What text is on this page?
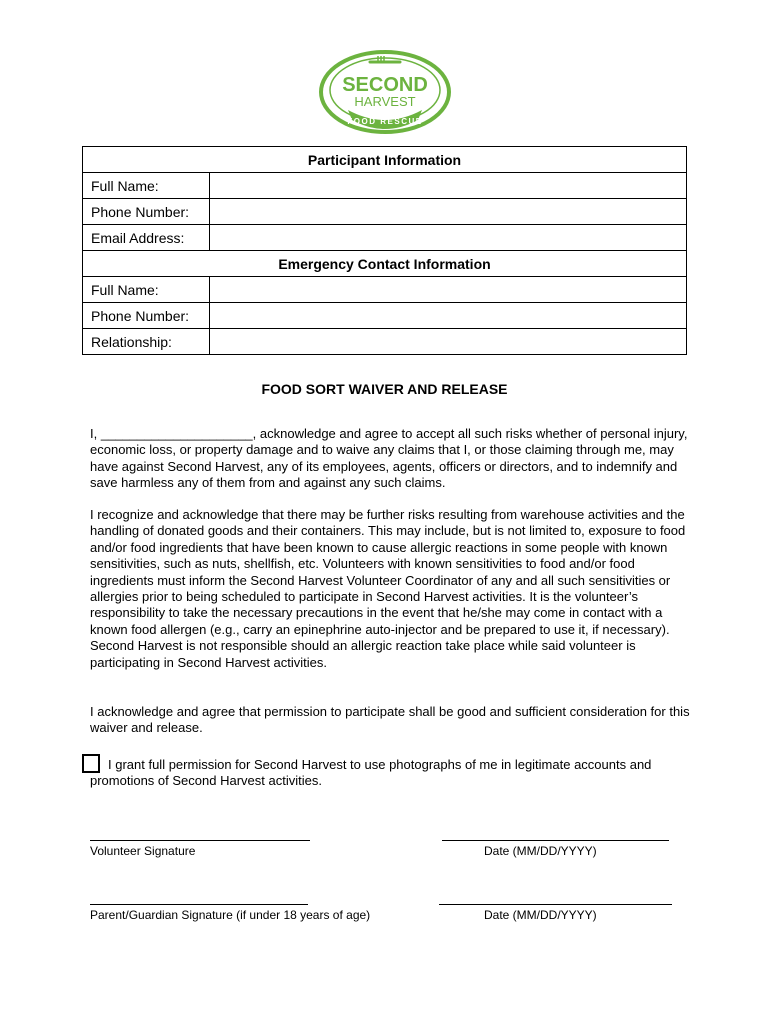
SECOND
HARVEST
FOOD RESCUE
Participant Information	
Full Name:	
Phone Number:	
Email Address:	
Emergency Contact Information	
Full Name:	
Phone Number:	
Relationship:	
FOOD SORT WAIVER AND RELEASE

I, _____________________, acknowledge and agree to accept all such risks whether of personal injury, economic loss, or property damage and to waive any claims that I, or those claiming through me, may have against Second Harvest, any of its employees, agents, officers or directors, and to indemnify and save harmless any of them from and against any such claims.

I recognize and acknowledge that there may be further risks resulting from warehouse activities and the handling of donated goods and their containers. This may include, but is not limited to, exposure to food and/or food ingredients that have been known to cause allergic reactions in some people with known sensitivities, such as nuts, shellfish, etc. Volunteers with known sensitivities to food and/or food ingredients must inform the Second Harvest Volunteer Coordinator of any and all such sensitivities or allergies prior to being scheduled to participate in Second Harvest activities. It is the volunteer’s responsibility to take the necessary precautions in the event that he/she may come in contact with a known food allergen (e.g., carry an epinephrine auto-injector and be prepared to use it, if necessary). Second Harvest is not responsible should an allergic reaction take place while said volunteer is participating in Second Harvest activities.

I acknowledge and agree that permission to participate shall be good and sufficient consideration for this waiver and release.

I grant full permission for Second Harvest to use photographs of me in legitimate accounts and promotions of Second Harvest activities.
Volunteer Signature	Date (MM/DD/YYYY)
Parent/Guardian Signature (if under 18 years of age)	Date (MM/DD/YYYY)
